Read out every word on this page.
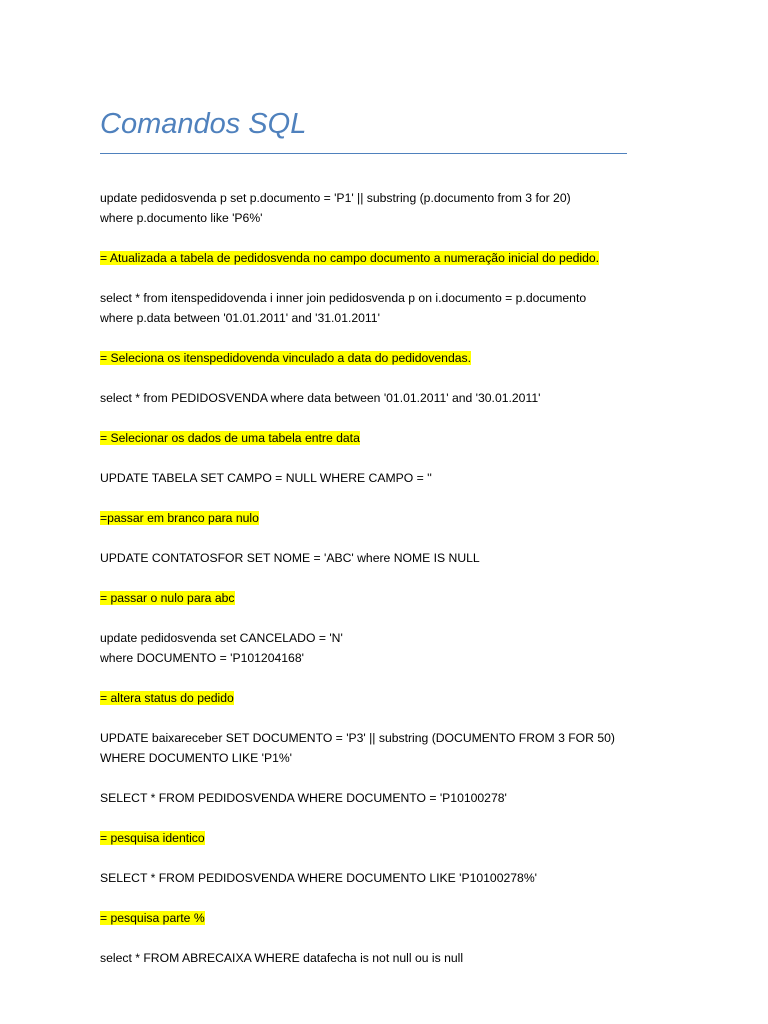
Comandos SQL

update pedidosvenda p set p.documento = 'P1' || substring (p.documento from 3 for 20)
where p.documento like 'P6%'

= Atualizada a tabela de pedidosvenda no campo documento a numeração inicial do pedido.

select * from itenspedidovenda i inner join pedidosvenda p on i.documento = p.documento
where p.data between '01.01.2011' and '31.01.2011'

= Seleciona os itenspedidovenda vinculado a data do pedidovendas.

select * from PEDIDOSVENDA where data between '01.01.2011' and '30.01.2011'

= Selecionar os dados de uma tabela entre data

UPDATE TABELA SET CAMPO = NULL WHERE CAMPO = ''

=passar em branco para nulo

UPDATE CONTATOSFOR SET NOME = 'ABC' where NOME IS NULL

= passar o nulo para abc

update pedidosvenda set CANCELADO = 'N'
where DOCUMENTO = 'P101204168'

= altera status do pedido

UPDATE baixareceber SET DOCUMENTO = 'P3' || substring (DOCUMENTO FROM 3 FOR 50)
WHERE DOCUMENTO LIKE 'P1%'

SELECT * FROM PEDIDOSVENDA WHERE DOCUMENTO = 'P10100278'

= pesquisa identico

SELECT * FROM PEDIDOSVENDA WHERE DOCUMENTO LIKE 'P10100278%'

= pesquisa parte %

select * FROM ABRECAIXA WHERE datafecha is not null ou is null
